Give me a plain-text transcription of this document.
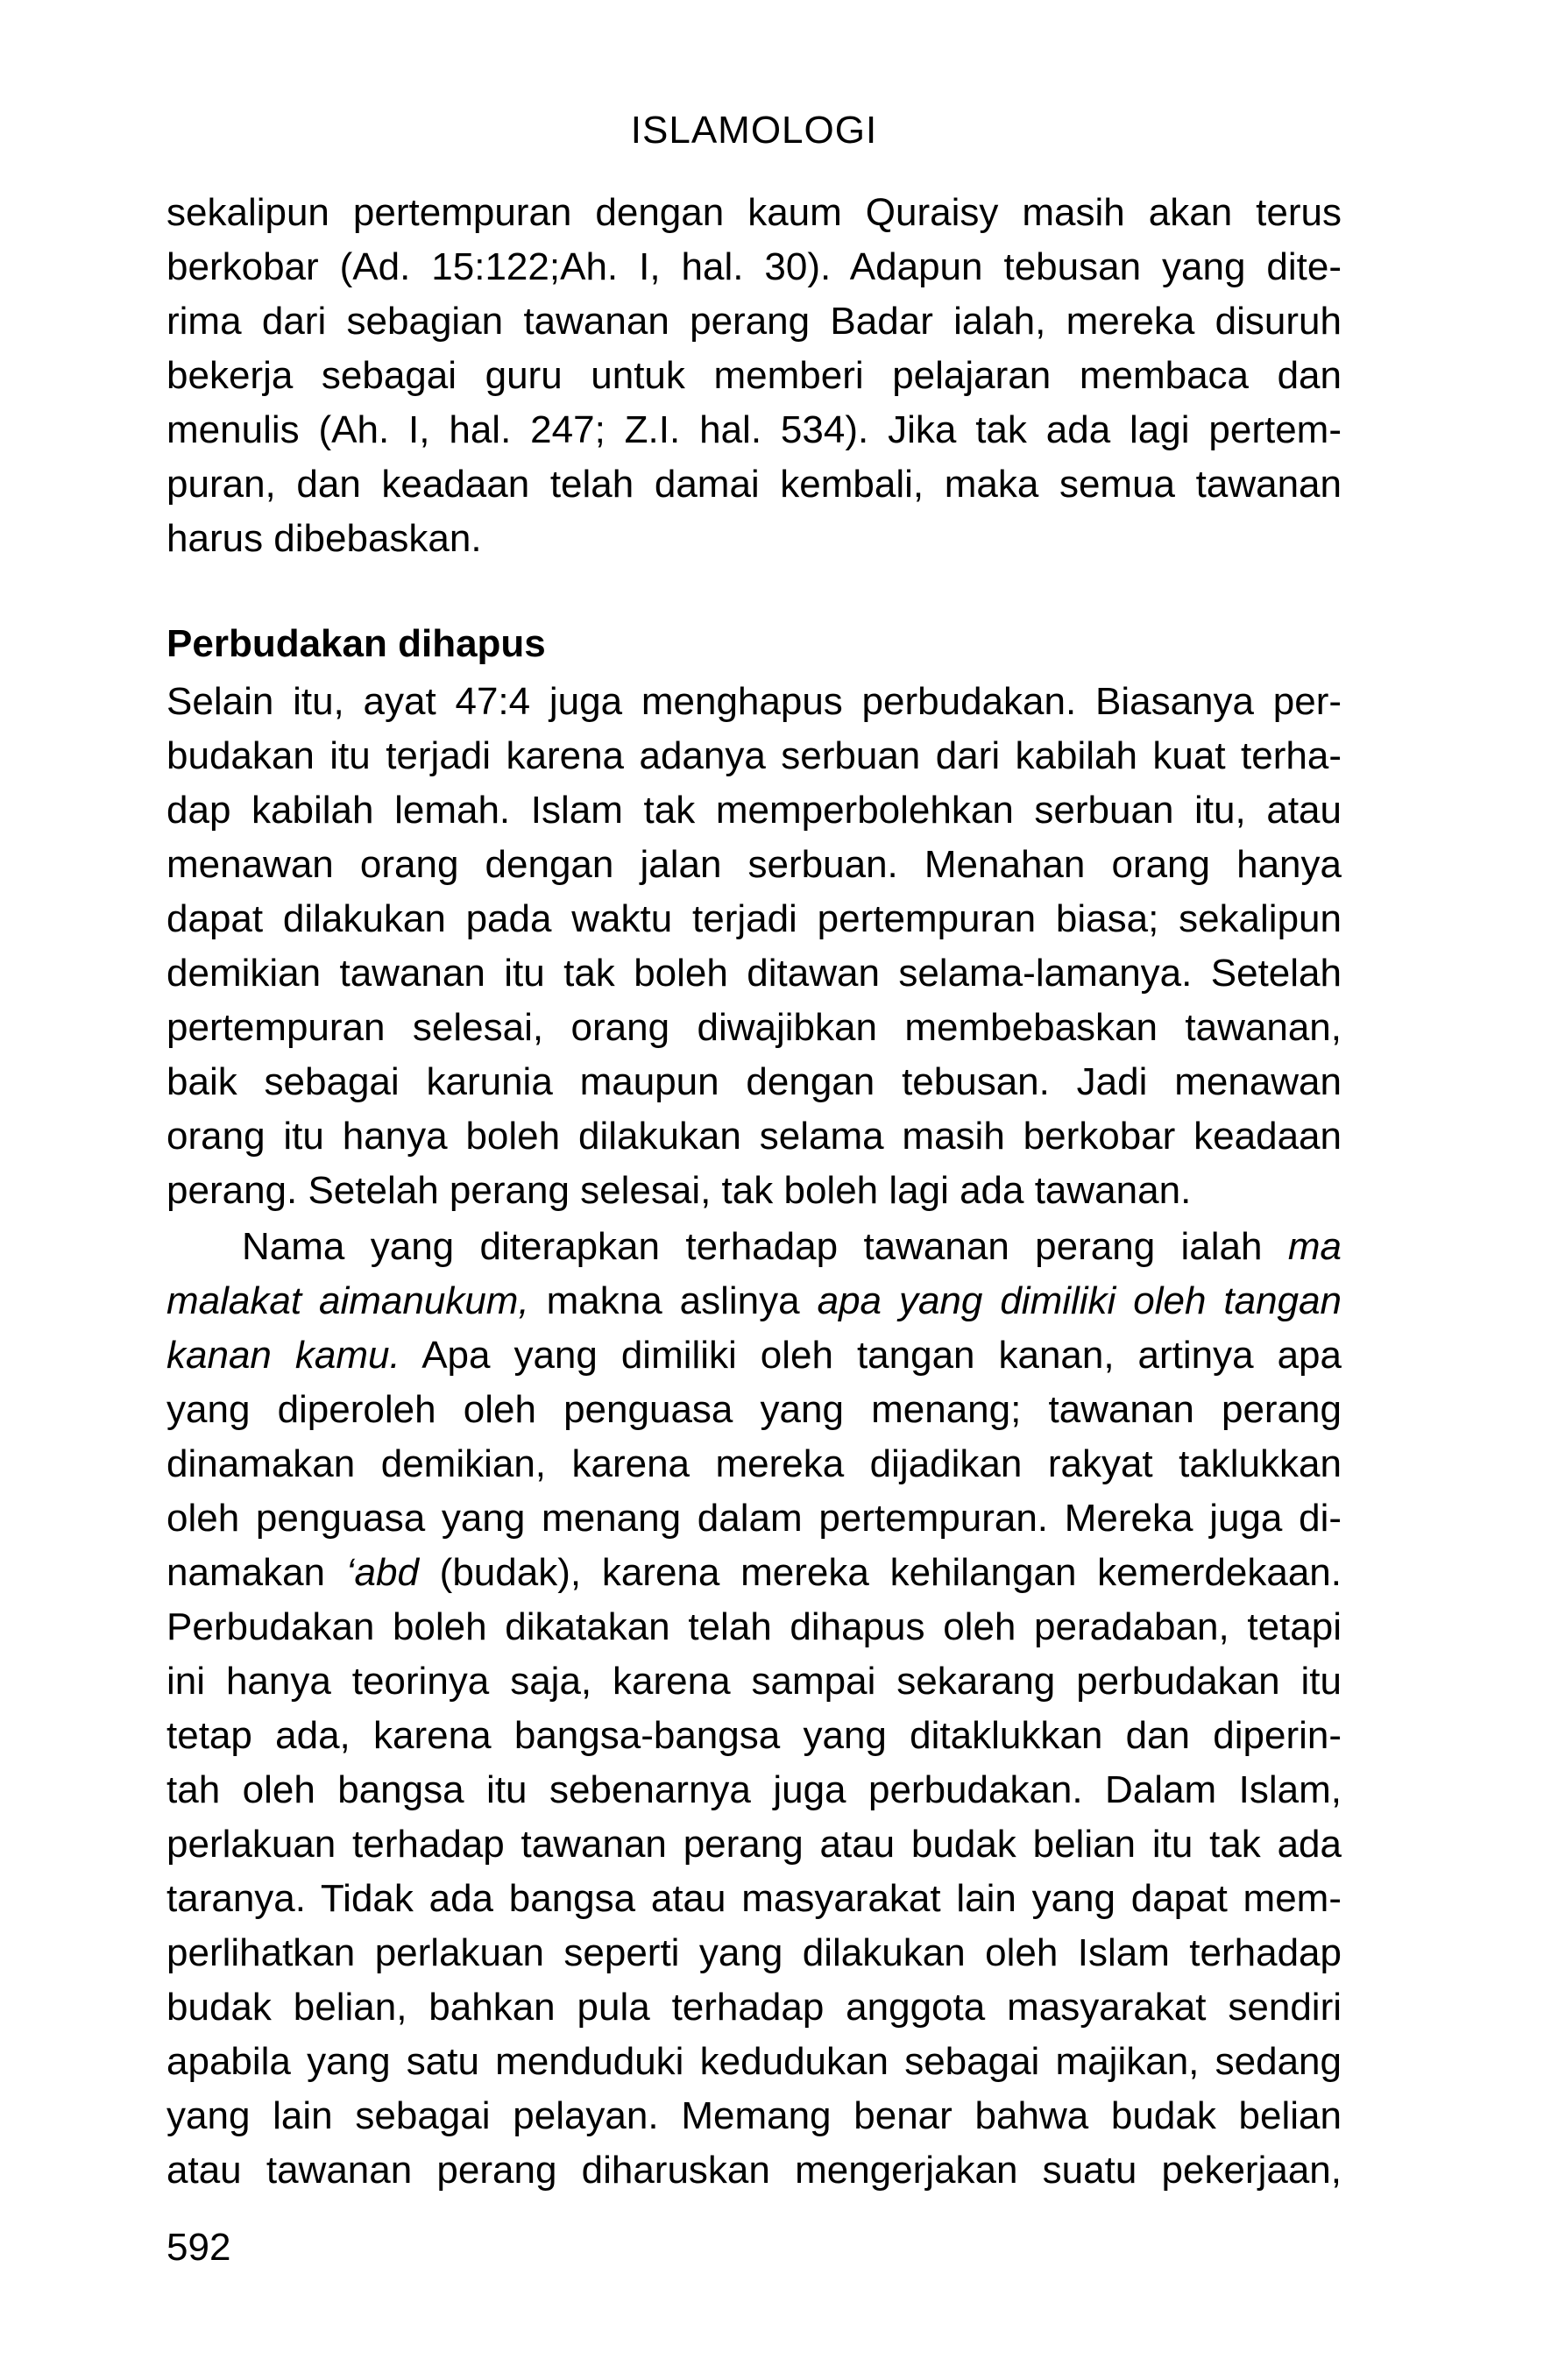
ISLAMOLOGI
sekalipun pertempuran dengan kaum Quraisy masih akan terus
berkobar (Ad. 15:122;Ah. I, hal. 30). Adapun tebusan yang dite-
rima dari sebagian tawanan perang Badar ialah, mereka disuruh
bekerja sebagai guru untuk memberi pelajaran membaca dan
menulis (Ah. I, hal. 247; Z.I. hal. 534). Jika tak ada lagi pertem-
puran, dan keadaan telah damai kembali, maka semua tawanan
harus dibebaskan.
Perbudakan dihapus
Selain itu, ayat 47:4 juga menghapus perbudakan. Biasanya per-
budakan itu terjadi karena adanya serbuan dari kabilah kuat terha-
dap kabilah lemah. Islam tak memperbolehkan serbuan itu, atau
menawan orang dengan jalan serbuan. Menahan orang hanya
dapat dilakukan pada waktu terjadi pertempuran biasa; sekalipun
demikian tawanan itu tak boleh ditawan selama-lamanya. Setelah
pertempuran selesai, orang diwajibkan membebaskan tawanan,
baik sebagai karunia maupun dengan tebusan. Jadi menawan
orang itu hanya boleh dilakukan selama masih berkobar keadaan
perang. Setelah perang selesai, tak boleh lagi ada tawanan.
Nama yang diterapkan terhadap tawanan perang ialah ma
malakat aimanukum, makna aslinya apa yang dimiliki oleh tangan
kanan kamu. Apa yang dimiliki oleh tangan kanan, artinya apa
yang diperoleh oleh penguasa yang menang; tawanan perang
dinamakan demikian, karena mereka dijadikan rakyat taklukkan
oleh penguasa yang menang dalam pertempuran. Mereka juga di-
namakan ‘abd (budak), karena mereka kehilangan kemerdekaan.
Perbudakan boleh dikatakan telah dihapus oleh peradaban, tetapi
ini hanya teorinya saja, karena sampai sekarang perbudakan itu
tetap ada, karena bangsa-bangsa yang ditaklukkan dan diperin-
tah oleh bangsa itu sebenarnya juga perbudakan. Dalam Islam,
perlakuan terhadap tawanan perang atau budak belian itu tak ada
taranya. Tidak ada bangsa atau masyarakat lain yang dapat mem-
perlihatkan perlakuan seperti yang dilakukan oleh Islam terhadap
budak belian, bahkan pula terhadap anggota masyarakat sendiri
apabila yang satu menduduki kedudukan sebagai majikan, sedang
yang lain sebagai pelayan. Memang benar bahwa budak belian
atau tawanan perang diharuskan mengerjakan suatu pekerjaan,
592
